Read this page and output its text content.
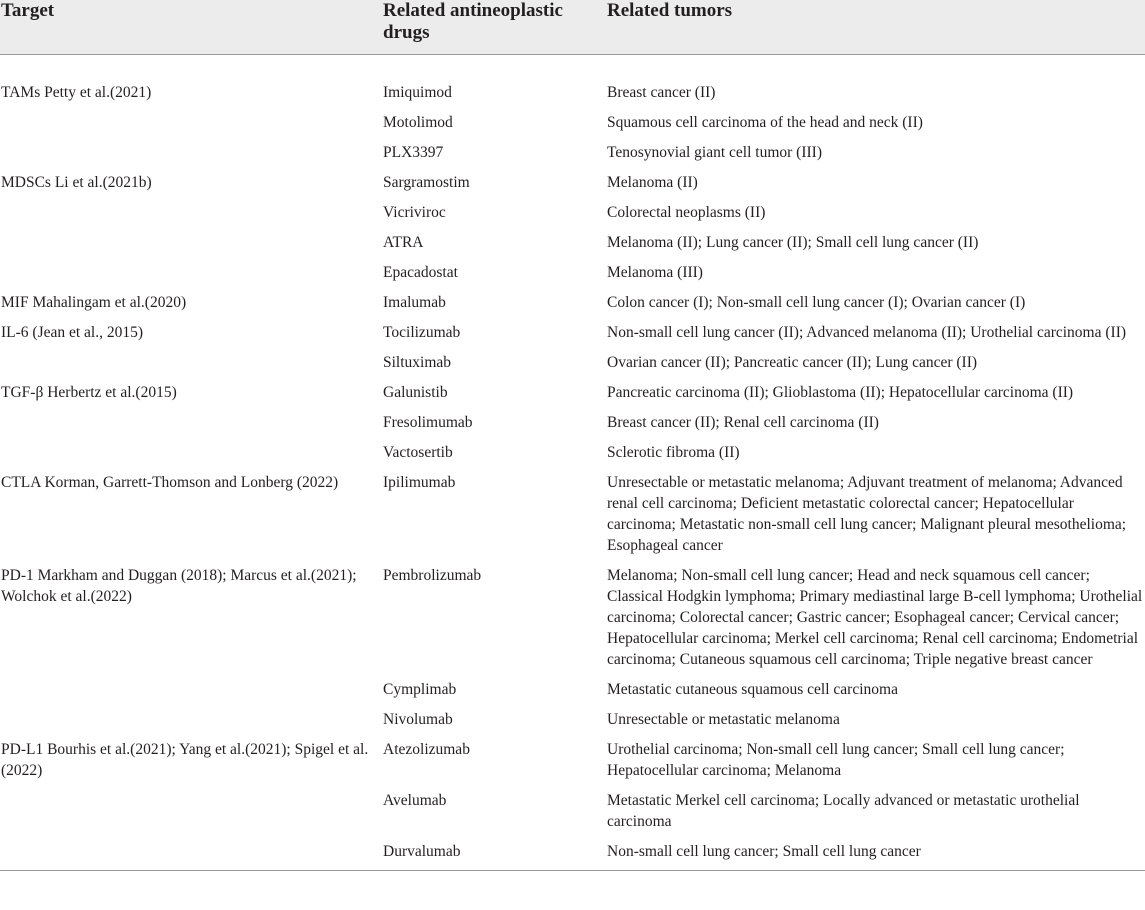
Target	Related antineoplastic drugs	Related tumors
TAMs Petty et al.(2021)	Imiquimod	Breast cancer (II)
	Motolimod	Squamous cell carcinoma of the head and neck (II)
	PLX3397	Tenosynovial giant cell tumor (III)
MDSCs Li et al.(2021b)	Sargramostim	Melanoma (II)
	Vicriviroc	Colorectal neoplasms (II)
	ATRA	Melanoma (II); Lung cancer (II); Small cell lung cancer (II)
	Epacadostat	Melanoma (III)
MIF Mahalingam et al.(2020)	Imalumab	Colon cancer (I); Non-small cell lung cancer (I); Ovarian cancer (I)
IL-6 (Jean et al., 2015)	Tocilizumab	Non-small cell lung cancer (II); Advanced melanoma (II); Urothelial carcinoma (II)
	Siltuximab	Ovarian cancer (II); Pancreatic cancer (II); Lung cancer (II)
TGF-β Herbertz et al.(2015)	Galunistib	Pancreatic carcinoma (II); Glioblastoma (II); Hepatocellular carcinoma (II)
	Fresolimumab	Breast cancer (II); Renal cell carcinoma (II)
	Vactosertib	Sclerotic fibroma (II)
CTLA Korman, Garrett-Thomson and Lonberg (2022)	Ipilimumab	Unresectable or metastatic melanoma; Adjuvant treatment of melanoma; Advanced renal cell carcinoma; Deficient metastatic colorectal cancer; Hepatocellular carcinoma; Metastatic non-small cell lung cancer; Malignant pleural mesothelioma; Esophageal cancer
PD-1 Markham and Duggan (2018); Marcus et al.(2021); Wolchok et al.(2022)	Pembrolizumab	Melanoma; Non-small cell lung cancer; Head and neck squamous cell cancer; Classical Hodgkin lymphoma; Primary mediastinal large B-cell lymphoma; Urothelial carcinoma; Colorectal cancer; Gastric cancer; Esophageal cancer; Cervical cancer; Hepatocellular carcinoma; Merkel cell carcinoma; Renal cell carcinoma; Endometrial carcinoma; Cutaneous squamous cell carcinoma; Triple negative breast cancer
	Cymplimab	Metastatic cutaneous squamous cell carcinoma
	Nivolumab	Unresectable or metastatic melanoma
PD-L1 Bourhis et al.(2021); Yang et al.(2021); Spigel et al.(2022)	Atezolizumab	Urothelial carcinoma; Non-small cell lung cancer; Small cell lung cancer; Hepatocellular carcinoma; Melanoma
	Avelumab	Metastatic Merkel cell carcinoma; Locally advanced or metastatic urothelial carcinoma
	Durvalumab	Non-small cell lung cancer; Small cell lung cancer
